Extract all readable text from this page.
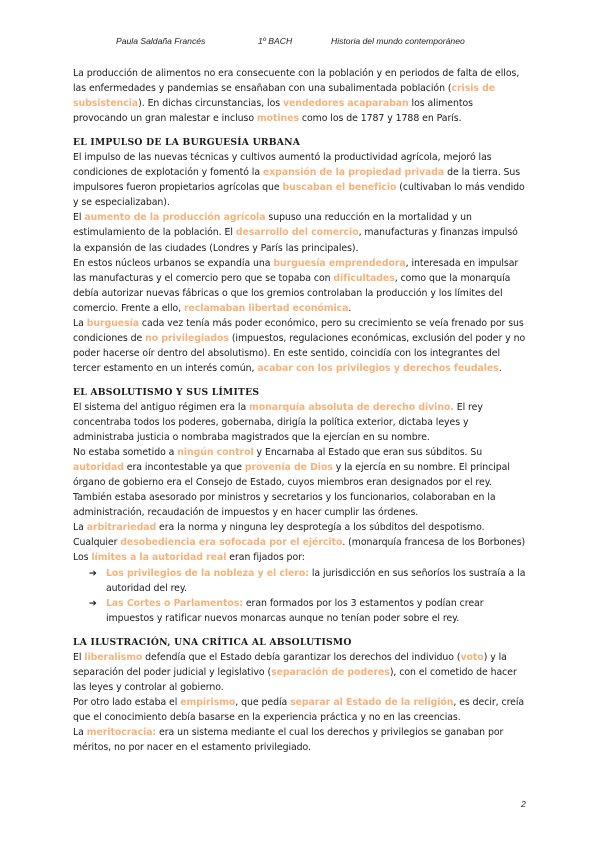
Paula Saldaña Francés	1º BACH	Historia del mundo contemporáneo

La producción de alimentos no era consecuente con la población y en periodos de falta de ellos, las enfermedades y pandemias se ensañaban con una subalimentada población (crisis de subsistencia). En dichas circunstancias, los vendedores acaparaban los alimentos provocando un gran malestar e incluso motines como los de 1787 y 1788 en París.

EL IMPULSO DE LA BURGUESÍA URBANA

El impulso de las nuevas técnicas y cultivos aumentó la productividad agrícola, mejoró las condiciones de explotación y fomentó la expansión de la propiedad privada de la tierra. Sus impulsores fueron propietarios agrícolas que buscaban el beneficio (cultivaban lo más vendido y se especializaban).

El aumento de la producción agrícola supuso una reducción en la mortalidad y un estimulamiento de la población. El desarrollo del comercio, manufacturas y finanzas impulsó la expansión de las ciudades (Londres y París las principales).

En estos núcleos urbanos se expandía una burguesía emprendedora, interesada en impulsar las manufacturas y el comercio pero que se topaba con dificultades, como que la monarquía debía autorizar nuevas fábricas o que los gremios controlaban la producción y los límites del comercio. Frente a ello, reclamaban libertad económica.

La burguesía cada vez tenía más poder económico, pero su crecimiento se veía frenado por sus condiciones de no privilegiados (impuestos, regulaciones económicas, exclusión del poder y no poder hacerse oír dentro del absolutismo). En este sentido, coincidía con los integrantes del tercer estamento en un interés común, acabar con los privilegios y derechos feudales.

EL ABSOLUTISMO Y SUS LÍMITES

El sistema del antiguo régimen era la monarquía absoluta de derecho divino. El rey concentraba todos los poderes, gobernaba, dirigía la política exterior, dictaba leyes y administraba justicia o nombraba magistrados que la ejercían en su nombre.

No estaba sometido a ningún control y Encarnaba al Estado que eran sus súbditos. Su autoridad era incontestable ya que provenía de Dios y la ejercía en su nombre. El principal órgano de gobierno era el Consejo de Estado, cuyos miembros eran designados por el rey. También estaba asesorado por ministros y secretarios y los funcionarios, colaboraban en la administración, recaudación de impuestos y en hacer cumplir las órdenes.

La arbitrariedad era la norma y ninguna ley desprotegía a los súbditos del despotismo. Cualquier desobediencia era sofocada por el ejército. (monarquía francesa de los Borbones)

Los límites a la autoridad real eran fijados por:

➔ Los privilegios de la nobleza y el clero: la jurisdicción en sus señoríos los sustraía a la autoridad del rey.
➔ Las Cortes o Parlamentos: eran formados por los 3 estamentos y podían crear impuestos y ratificar nuevos monarcas aunque no tenían poder sobre el rey.
LA ILUSTRACIÓN, UNA CRÍTICA AL ABSOLUTISMO

El liberalismo defendía que el Estado debía garantizar los derechos del individuo (voto) y la separación del poder judicial y legislativo (separación de poderes), con el cometido de hacer las leyes y controlar al gobierno.

Por otro lado estaba el empirismo, que pedía separar al Estado de la religión, es decir, creía que el conocimiento debía basarse en la experiencia práctica y no en las creencias.

La meritocracia: era un sistema mediante el cual los derechos y privilegios se ganaban por méritos, no por nacer en el estamento privilegiado.

2
